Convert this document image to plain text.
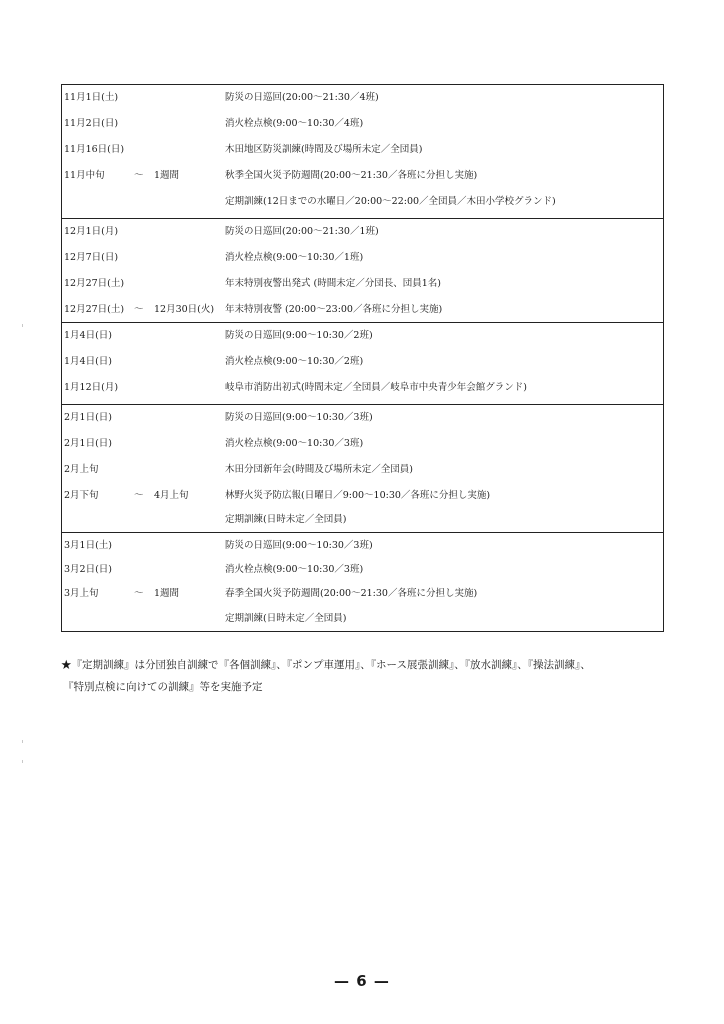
11月1日(土)	防災の日巡回(20:00〜21:30／4班)
11月2日(日)	消火栓点検(9:00〜10:30／4班)
11月16日(日)	木田地区防災訓練(時間及び場所未定／全団員)
11月中旬	〜 1週間	秋季全国火災予防週間(20:00〜21:30／各班に分担し実施)
定期訓練(12日までの水曜日／20:00〜22:00／全団員／木田小学校グランド)
12月1日(月)	防災の日巡回(20:00〜21:30／1班)
12月7日(日)	消火栓点検(9:00〜10:30／1班)
12月27日(土)	年末特別夜警出発式 (時間未定／分団長、団員1名)
12月27日(土) 〜 12月30日(火) 年末特別夜警 (20:00〜23:00／各班に分担し実施)
1月4日(日)	防災の日巡回(9:00〜10:30／2班)
1月4日(日)	消火栓点検(9:00〜10:30／2班)
1月12日(月)	岐阜市消防出初式(時間未定／全団員／岐阜市中央青少年会館グランド)
2月1日(日)	防災の日巡回(9:00〜10:30／3班)
2月1日(日)	消火栓点検(9:00〜10:30／3班)
2月上旬	木田分団新年会(時間及び場所未定／全団員)
2月下旬	〜 4月上旬	林野火災予防広報(日曜日／9:00〜10:30／各班に分担し実施)
定期訓練(日時未定／全団員)
3月1日(土)	防災の日巡回(9:00〜10:30／3班)
3月2日(日)	消火栓点検(9:00〜10:30／3班)
3月上旬	〜 1週間	春季全国火災予防週間(20:00〜21:30／各班に分担し実施)
定期訓練(日時未定／全団員)
★『定期訓練』は分団独自訓練で『各個訓練』、『ポンプ車運用』、『ホース展張訓練』、『放水訓練』、『操法訓練』、
『特別点検に向けての訓練』等を実施予定
— 6 —
